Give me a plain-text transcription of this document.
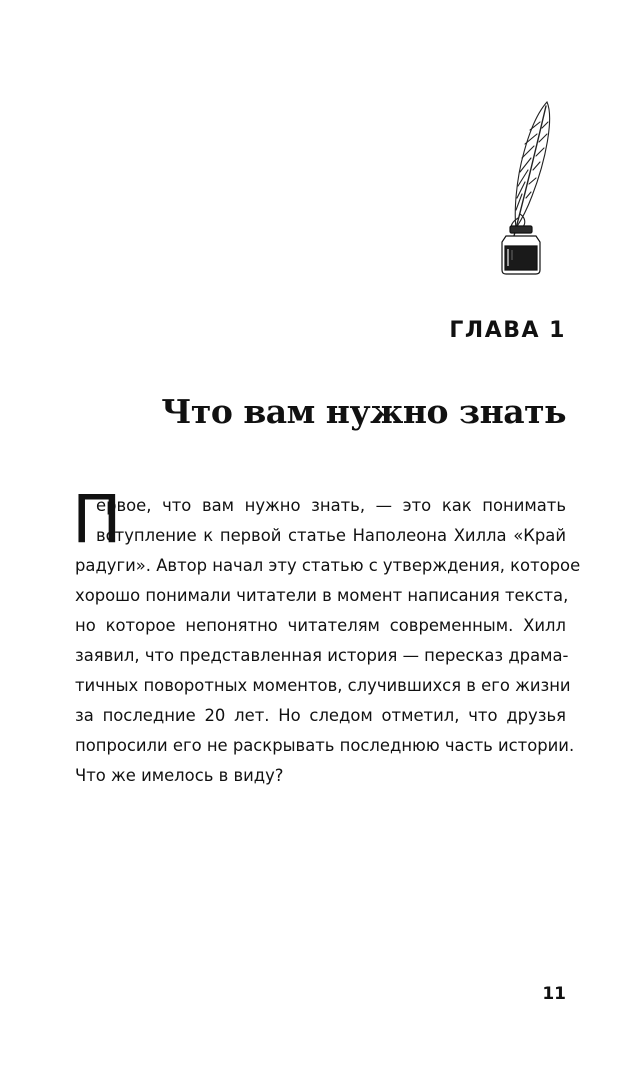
ГЛАВА 1
Что вам нужно знать
П
ервое, что вам нужно знать, — это как понимать
вступление к первой статье Наполеона Хилла «Край
радуги». Автор начал эту статью с утверждения, которое
хорошо понимали читатели в момент написания текста,
но которое непонятно читателям современным. Хилл
заявил, что представленная история — пересказ драма-
тичных поворотных моментов, случившихся в его жизни
за последние 20 лет. Но следом отметил, что друзья
попросили его не раскрывать последнюю часть истории.
Что же имелось в виду?
11
